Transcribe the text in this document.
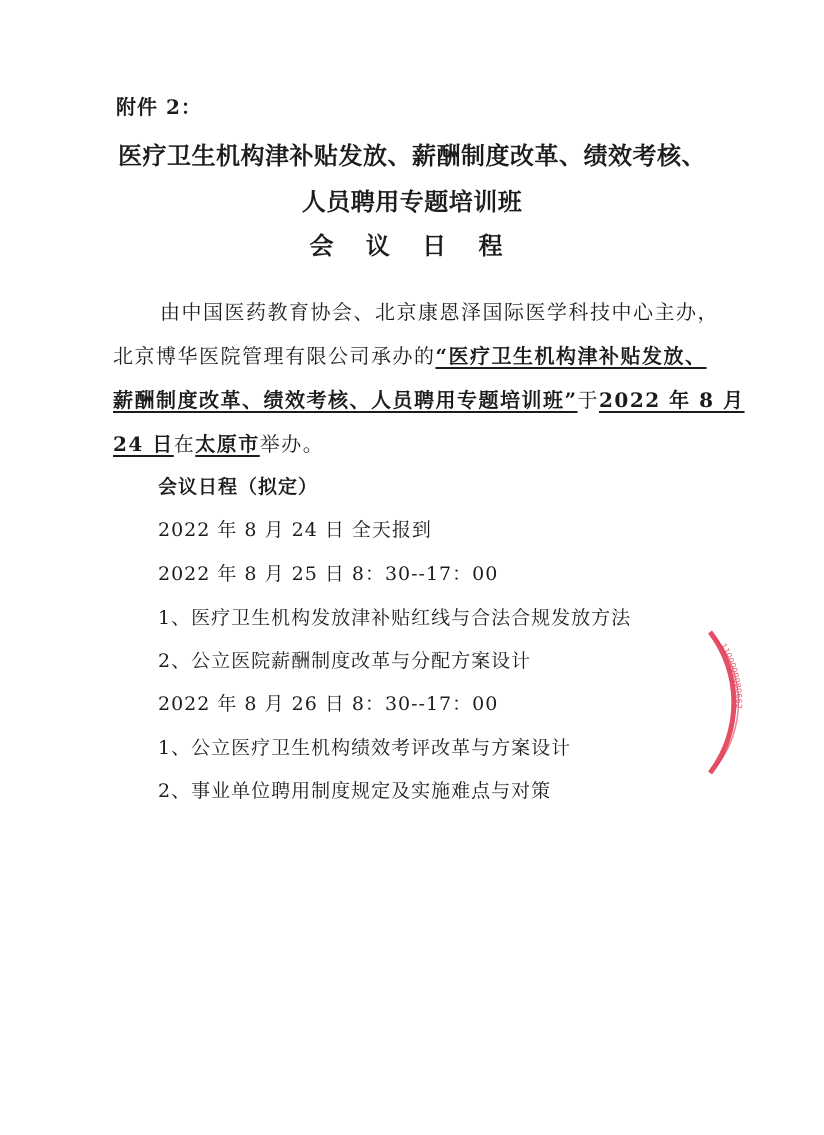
附件 2：
医疗卫生机构津补贴发放、薪酬制度改革、绩效考核、
人员聘用专题培训班
会 议 日 程
由中国医药教育协会、北京康恩泽国际医学科技中心主办，
北京博华医院管理有限公司承办的“医疗卫生机构津补贴发放、
薪酬制度改革、绩效考核、人员聘用专题培训班”于2022 年 8 月
24 日在太原市举办。
会议日程（拟定）
2022 年 8 月 24 日 全天报到
2022 年 8 月 25 日 8：30--17：00
1、医疗卫生机构发放津补贴红线与合法合规发放方法
2、公立医院薪酬制度改革与分配方案设计
2022 年 8 月 26 日 8：30--17：00
1、公立医疗卫生机构绩效考评改革与方案设计
2、事业单位聘用制度规定及实施难点与对策
1100000080662
